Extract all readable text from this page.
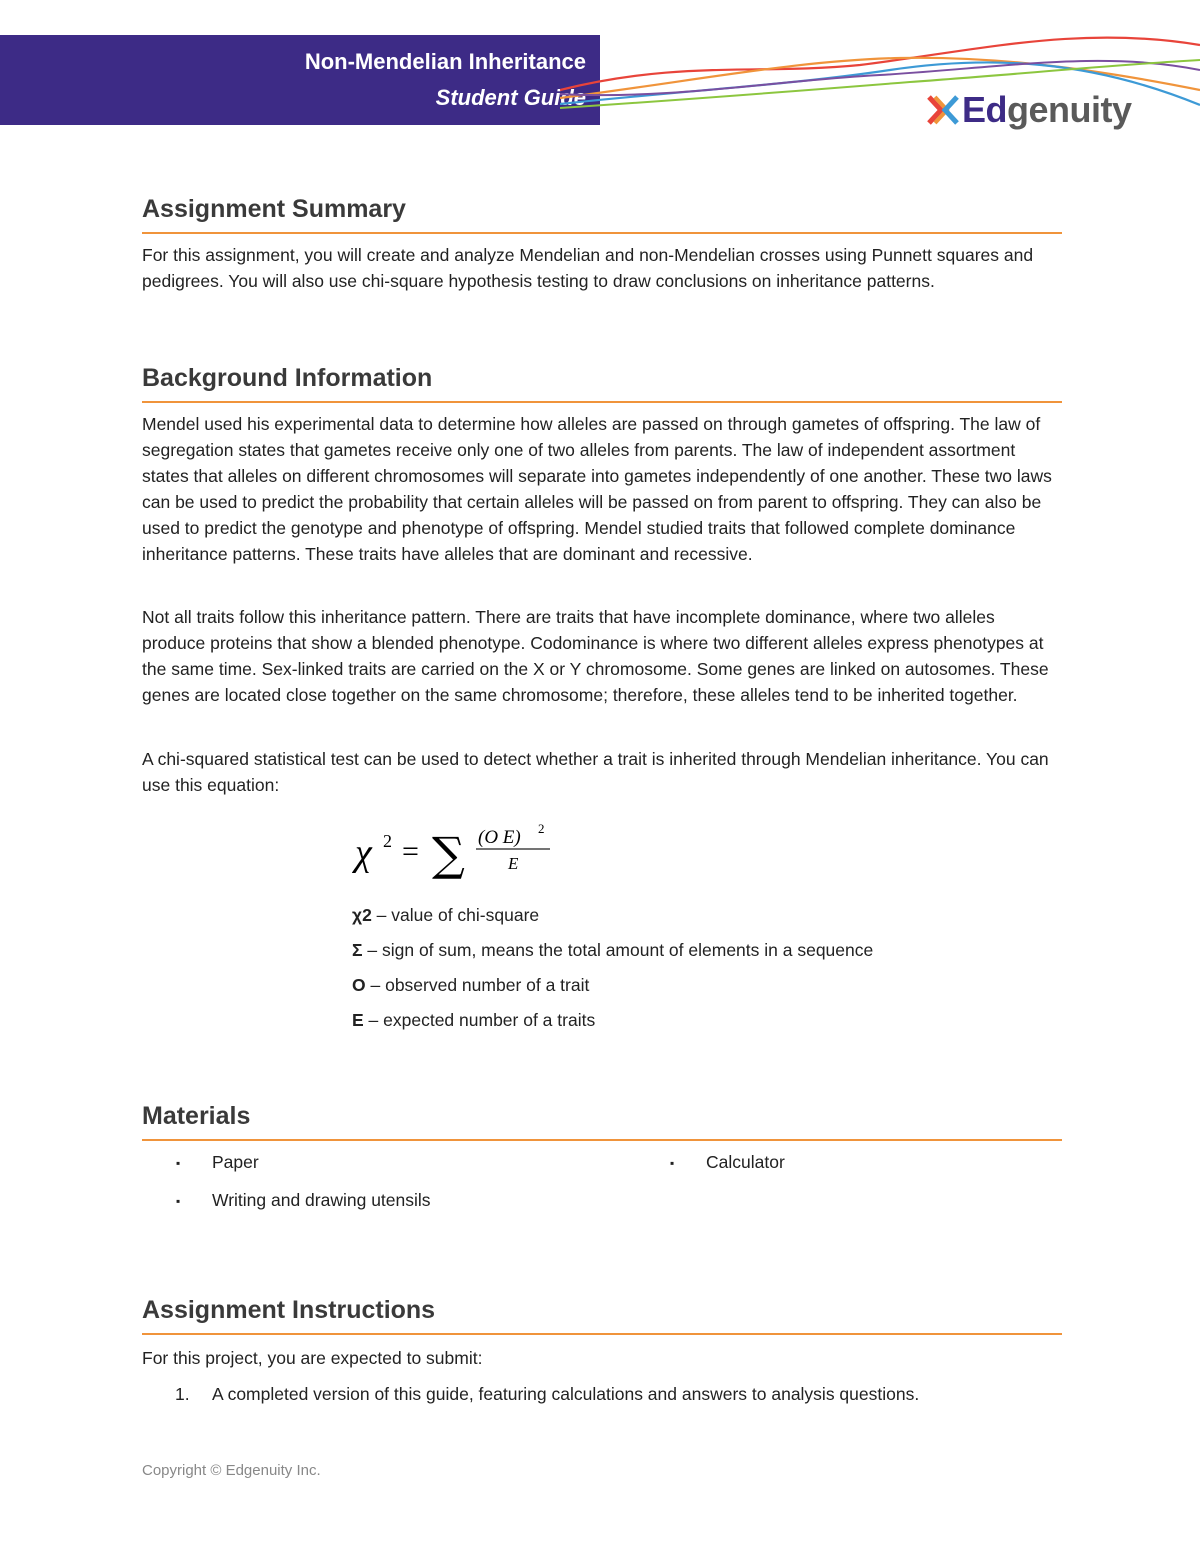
Non-Mendelian Inheritance
Student Guide	Edgenuity
Assignment Summary

For this assignment, you will create and analyze Mendelian and non-Mendelian crosses using Punnett squares and pedigrees. You will also use chi-square hypothesis testing to draw conclusions on inheritance patterns.

Background Information

Mendel used his experimental data to determine how alleles are passed on through gametes of offspring. The law of segregation states that gametes receive only one of two alleles from parents. The law of independent assortment states that alleles on different chromosomes will separate into gametes independently of one another. These two laws can be used to predict the probability that certain alleles will be passed on from parent to offspring. They can also be used to predict the genotype and phenotype of offspring. Mendel studied traits that followed complete dominance inheritance patterns. These traits have alleles that are dominant and recessive.

Not all traits follow this inheritance pattern. There are traits that have incomplete dominance, where two alleles produce proteins that show a blended phenotype. Codominance is where two different alleles express phenotypes at the same time. Sex-linked traits are carried on the X or Y chromosome. Some genes are linked on autosomes. These genes are located close together on the same chromosome; therefore, these alleles tend to be inherited together.

A chi-squared statistical test can be used to detect whether a trait is inherited through Mendelian inheritance. You can use this equation:

χ 2 = ∑ (O E) 2
E
χ2 – value of chi-square
Σ – sign of sum, means the total amount of elements in a sequence
O – observed number of a trait
E – expected number of a traits
Materials
▪ Paper	▪ Calculator
▪ Writing and drawing utensils
Assignment Instructions

For this project, you are expected to submit:

1. A completed version of this guide, featuring calculations and answers to analysis questions.
Copyright © Edgenuity Inc.
